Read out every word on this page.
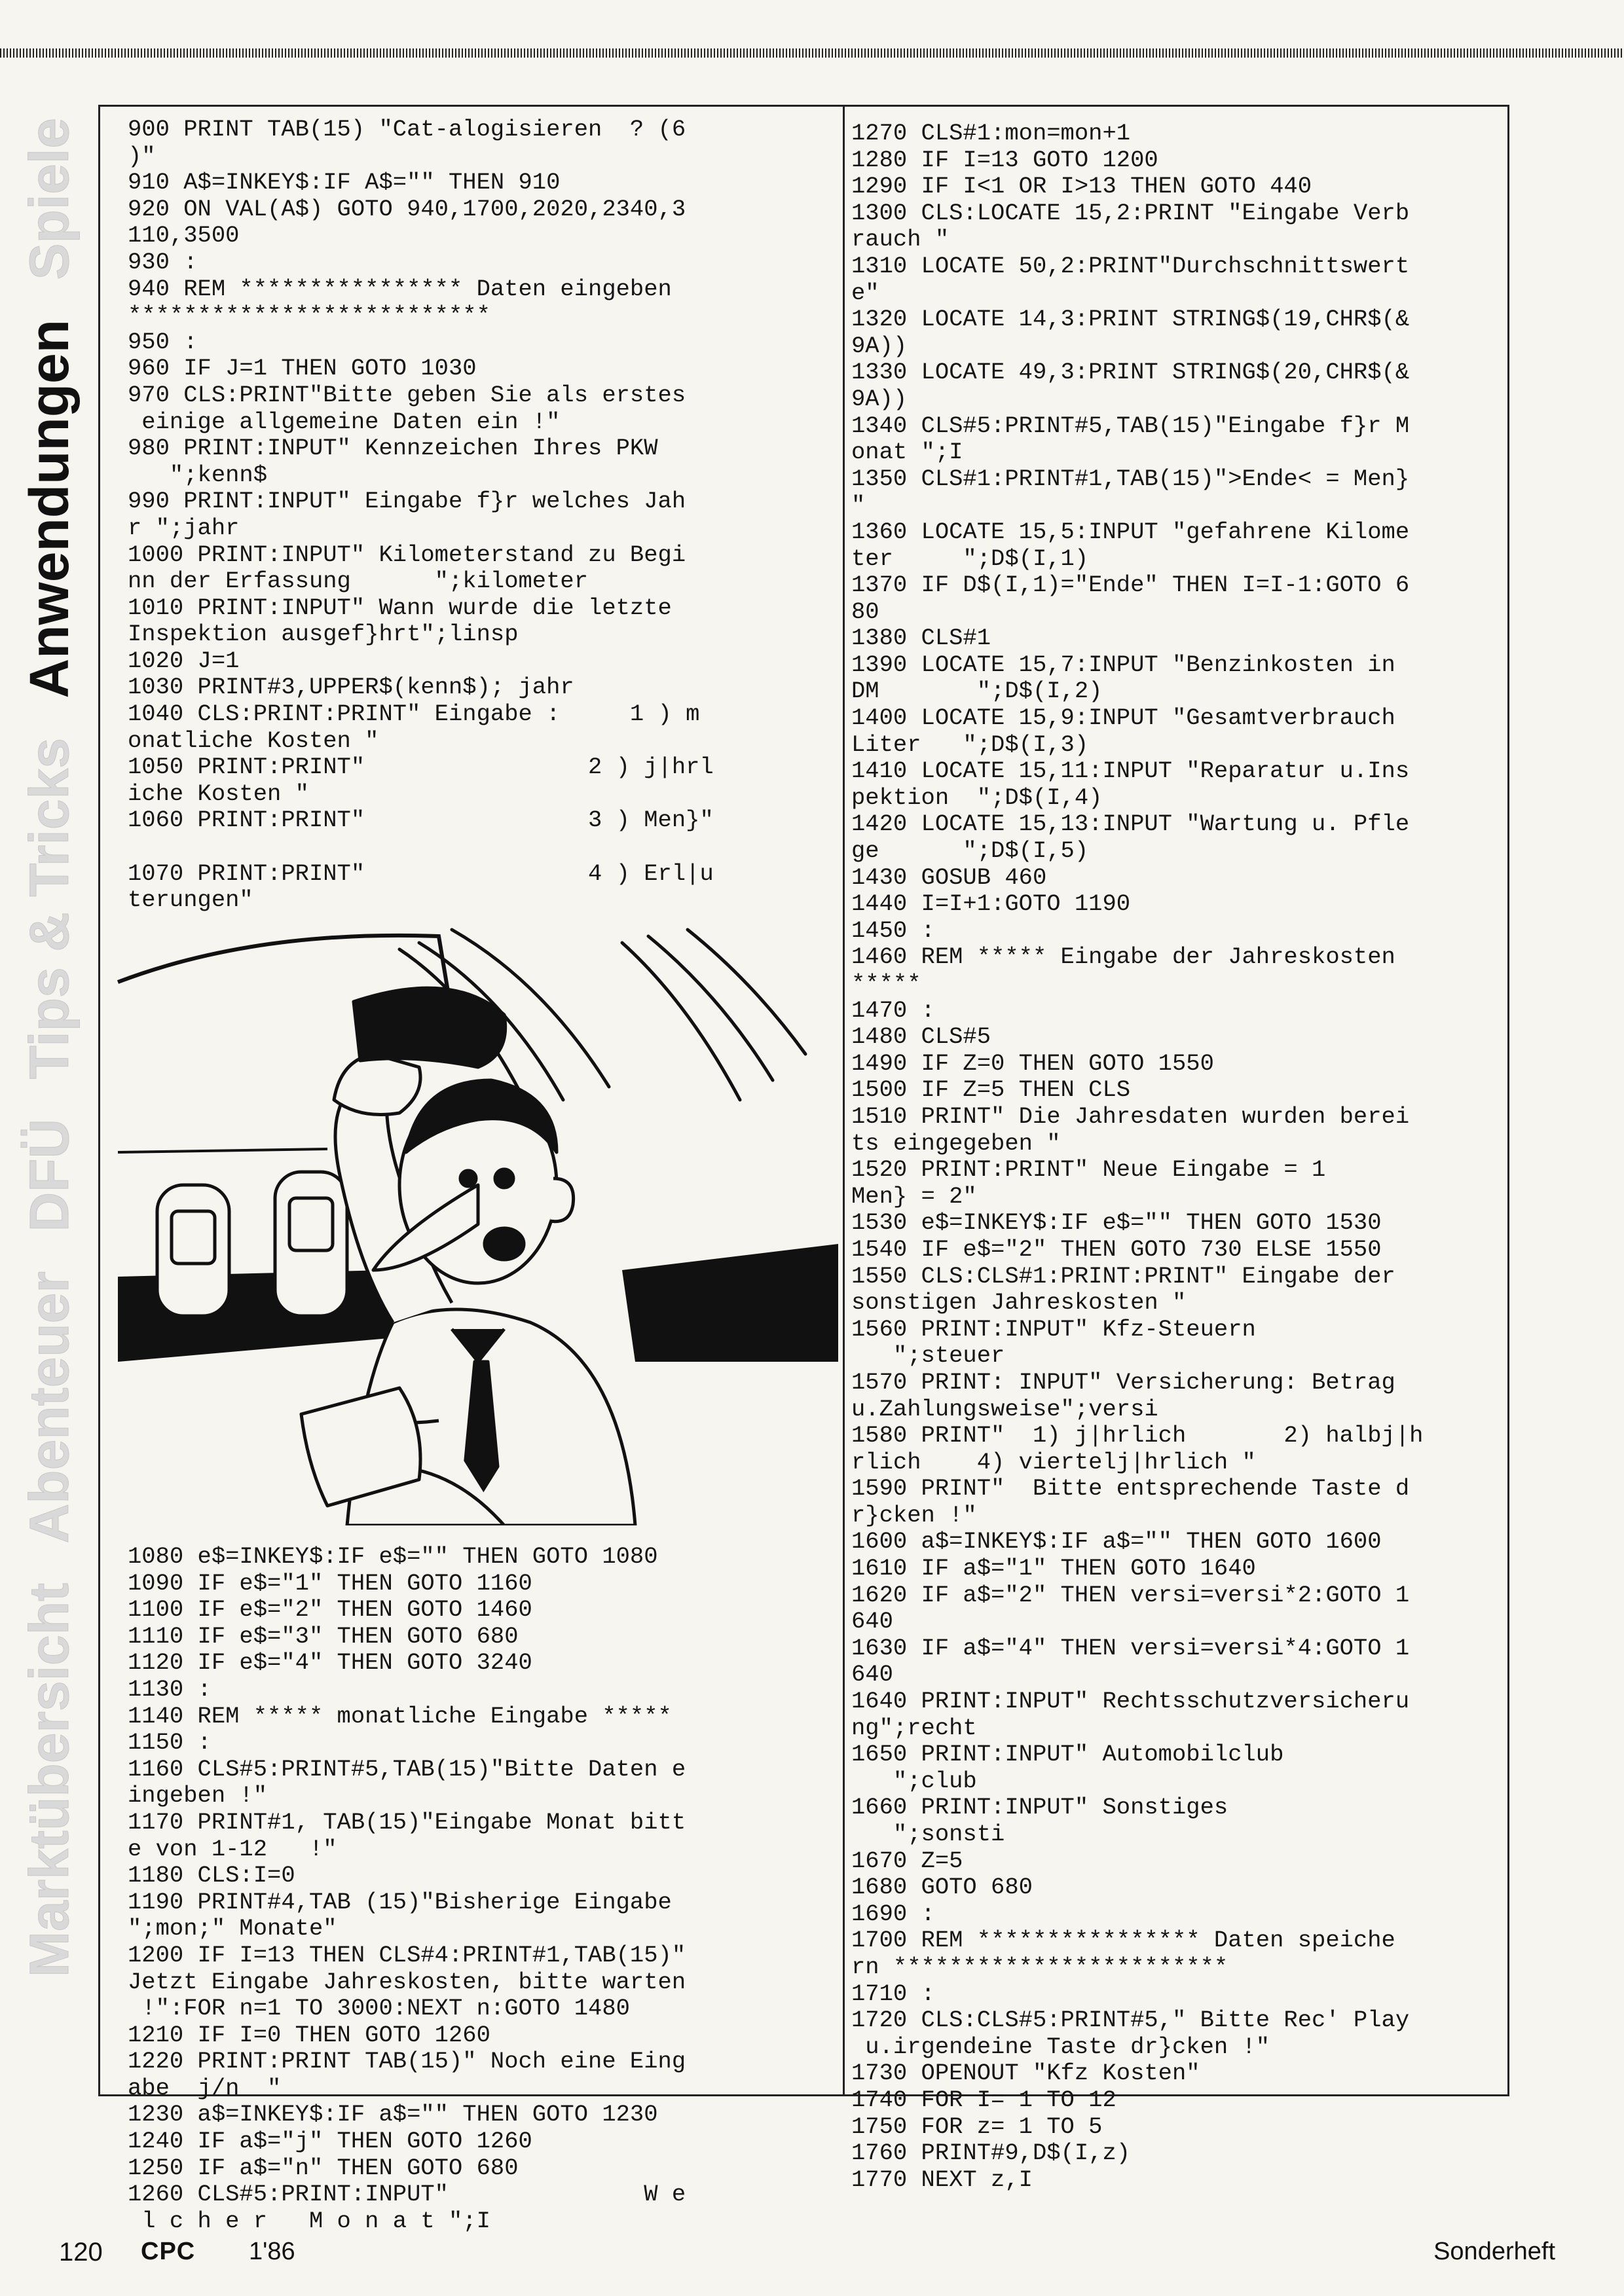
Spiele
Anwendungen
Tips & Tricks
DFÜ
Abenteuer
Marktübersicht
900 PRINT TAB(15) "Cat-alogisieren  ? (6
)"
910 A$=INKEY$:IF A$="" THEN 910
920 ON VAL(A$) GOTO 940,1700,2020,2340,3
110,3500
930 :
940 REM **************** Daten eingeben
**************************
950 :
960 IF J=1 THEN GOTO 1030
970 CLS:PRINT"Bitte geben Sie als erstes
einige allgemeine Daten ein !"
980 PRINT:INPUT" Kennzeichen Ihres PKW
";kenn$
990 PRINT:INPUT" Eingabe f}r welches Jah
r ";jahr
1000 PRINT:INPUT" Kilometerstand zu Begi
nn der Erfassung      ";kilometer
1010 PRINT:INPUT" Wann wurde die letzte
Inspektion ausgef}hrt";linsp
1020 J=1
1030 PRINT#3,UPPER$(kenn$); jahr
1040 CLS:PRINT:PRINT" Eingabe :     1 ) m
onatliche Kosten "
1050 PRINT:PRINT"                2 ) j|hrl
iche Kosten "
1060 PRINT:PRINT"                3 ) Men}"

1070 PRINT:PRINT"                4 ) Erl|u
terungen"
1080 e$=INKEY$:IF e$="" THEN GOTO 1080
1090 IF e$="1" THEN GOTO 1160
1100 IF e$="2" THEN GOTO 1460
1110 IF e$="3" THEN GOTO 680
1120 IF e$="4" THEN GOTO 3240
1130 :
1140 REM ***** monatliche Eingabe *****
1150 :
1160 CLS#5:PRINT#5,TAB(15)"Bitte Daten e
ingeben !"
1170 PRINT#1, TAB(15)"Eingabe Monat bitt
e von 1-12   !"
1180 CLS:I=0
1190 PRINT#4,TAB (15)"Bisherige Eingabe
";mon;" Monate"
1200 IF I=13 THEN CLS#4:PRINT#1,TAB(15)"
Jetzt Eingabe Jahreskosten, bitte warten
!":FOR n=1 TO 3000:NEXT n:GOTO 1480
1210 IF I=0 THEN GOTO 1260
1220 PRINT:PRINT TAB(15)" Noch eine Eing
abe  j/n  "
1230 a$=INKEY$:IF a$="" THEN GOTO 1230
1240 IF a$="j" THEN GOTO 1260
1250 IF a$="n" THEN GOTO 680
1260 CLS#5:PRINT:INPUT"              W e
l c h e r   M o n a t ";I
1270 CLS#1:mon=mon+1
1280 IF I=13 GOTO 1200
1290 IF I<1 OR I>13 THEN GOTO 440
1300 CLS:LOCATE 15,2:PRINT "Eingabe Verb
rauch "
1310 LOCATE 50,2:PRINT"Durchschnittswert
e"
1320 LOCATE 14,3:PRINT STRING$(19,CHR$(&
9A))
1330 LOCATE 49,3:PRINT STRING$(20,CHR$(&
9A))
1340 CLS#5:PRINT#5,TAB(15)"Eingabe f}r M
onat ";I
1350 CLS#1:PRINT#1,TAB(15)">Ende< = Men}
"
1360 LOCATE 15,5:INPUT "gefahrene Kilome
ter     ";D$(I,1)
1370 IF D$(I,1)="Ende" THEN I=I-1:GOTO 6
80
1380 CLS#1
1390 LOCATE 15,7:INPUT "Benzinkosten in
DM       ";D$(I,2)
1400 LOCATE 15,9:INPUT "Gesamtverbrauch
Liter   ";D$(I,3)
1410 LOCATE 15,11:INPUT "Reparatur u.Ins
pektion  ";D$(I,4)
1420 LOCATE 15,13:INPUT "Wartung u. Pfle
ge      ";D$(I,5)
1430 GOSUB 460
1440 I=I+1:GOTO 1190
1450 :
1460 REM ***** Eingabe der Jahreskosten
*****
1470 :
1480 CLS#5
1490 IF Z=0 THEN GOTO 1550
1500 IF Z=5 THEN CLS
1510 PRINT" Die Jahresdaten wurden berei
ts eingegeben "
1520 PRINT:PRINT" Neue Eingabe = 1
Men} = 2"
1530 e$=INKEY$:IF e$="" THEN GOTO 1530
1540 IF e$="2" THEN GOTO 730 ELSE 1550
1550 CLS:CLS#1:PRINT:PRINT" Eingabe der
sonstigen Jahreskosten "
1560 PRINT:INPUT" Kfz-Steuern
";steuer
1570 PRINT: INPUT" Versicherung: Betrag
u.Zahlungsweise";versi
1580 PRINT"  1) j|hrlich       2) halbj|h
rlich    4) viertelj|hrlich "
1590 PRINT"  Bitte entsprechende Taste d
r}cken !"
1600 a$=INKEY$:IF a$="" THEN GOTO 1600
1610 IF a$="1" THEN GOTO 1640
1620 IF a$="2" THEN versi=versi*2:GOTO 1
640
1630 IF a$="4" THEN versi=versi*4:GOTO 1
640
1640 PRINT:INPUT" Rechtsschutzversicheru
ng";recht
1650 PRINT:INPUT" Automobilclub
";club
1660 PRINT:INPUT" Sonstiges
";sonsti
1670 Z=5
1680 GOTO 680
1690 :
1700 REM **************** Daten speiche
rn ************************
1710 :
1720 CLS:CLS#5:PRINT#5," Bitte Rec' Play
u.irgendeine Taste dr}cken !"
1730 OPENOUT "Kfz Kosten"
1740 FOR I= 1 TO 12
1750 FOR z= 1 TO 5
1760 PRINT#9,D$(I,z)
1770 NEXT z,I
120 CPC 1'86	Sonderheft
